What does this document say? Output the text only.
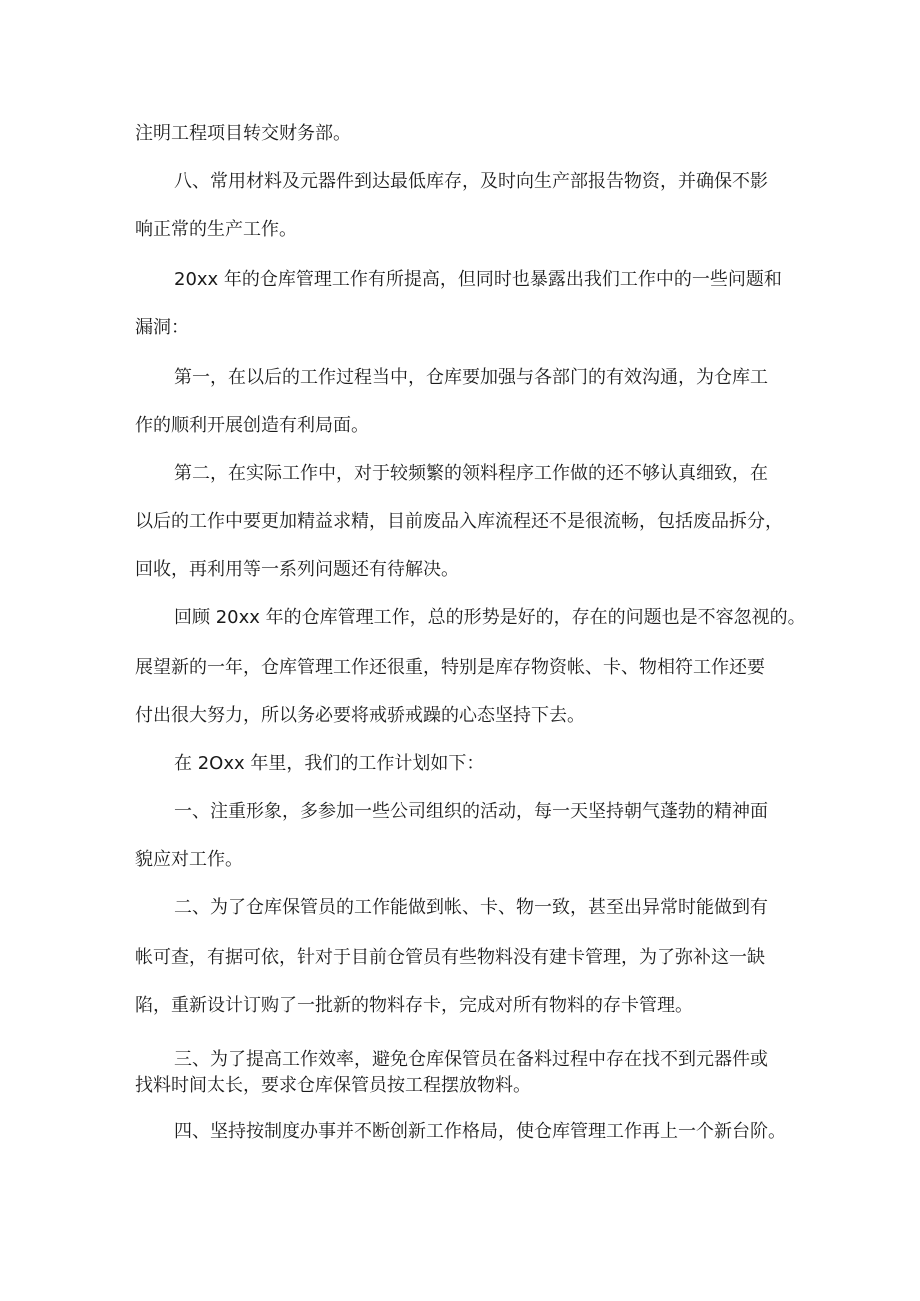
注明工程项目转交财务部。
八、常用材料及元器件到达最低库存，及时向生产部报告物资，并确保不影
响正常的生产工作。
20xx 年的仓库管理工作有所提高，但同时也暴露出我们工作中的一些问题和
漏洞：
第一，在以后的工作过程当中，仓库要加强与各部门的有效沟通，为仓库工
作的顺利开展创造有利局面。
第二，在实际工作中，对于较频繁的领料程序工作做的还不够认真细致，在
以后的工作中要更加精益求精，目前废品入库流程还不是很流畅，包括废品拆分，
回收，再利用等一系列问题还有待解决。
回顾 20xx 年的仓库管理工作，总的形势是好的，存在的问题也是不容忽视的。
展望新的一年，仓库管理工作还很重，特别是库存物资帐、卡、物相符工作还要
付出很大努力，所以务必要将戒骄戒躁的心态坚持下去。
在 2Oxx 年里，我们的工作计划如下：
一、注重形象，多参加一些公司组织的活动，每一天坚持朝气蓬勃的精神面
貌应对工作。
二、为了仓库保管员的工作能做到帐、卡、物一致，甚至出异常时能做到有
帐可查，有据可依，针对于目前仓管员有些物料没有建卡管理，为了弥补这一缺
陷，重新设计订购了一批新的物料存卡，完成对所有物料的存卡管理。
三、为了提高工作效率，避免仓库保管员在备料过程中存在找不到元器件或
找料时间太长，要求仓库保管员按工程摆放物料。
四、坚持按制度办事并不断创新工作格局，使仓库管理工作再上一个新台阶。
